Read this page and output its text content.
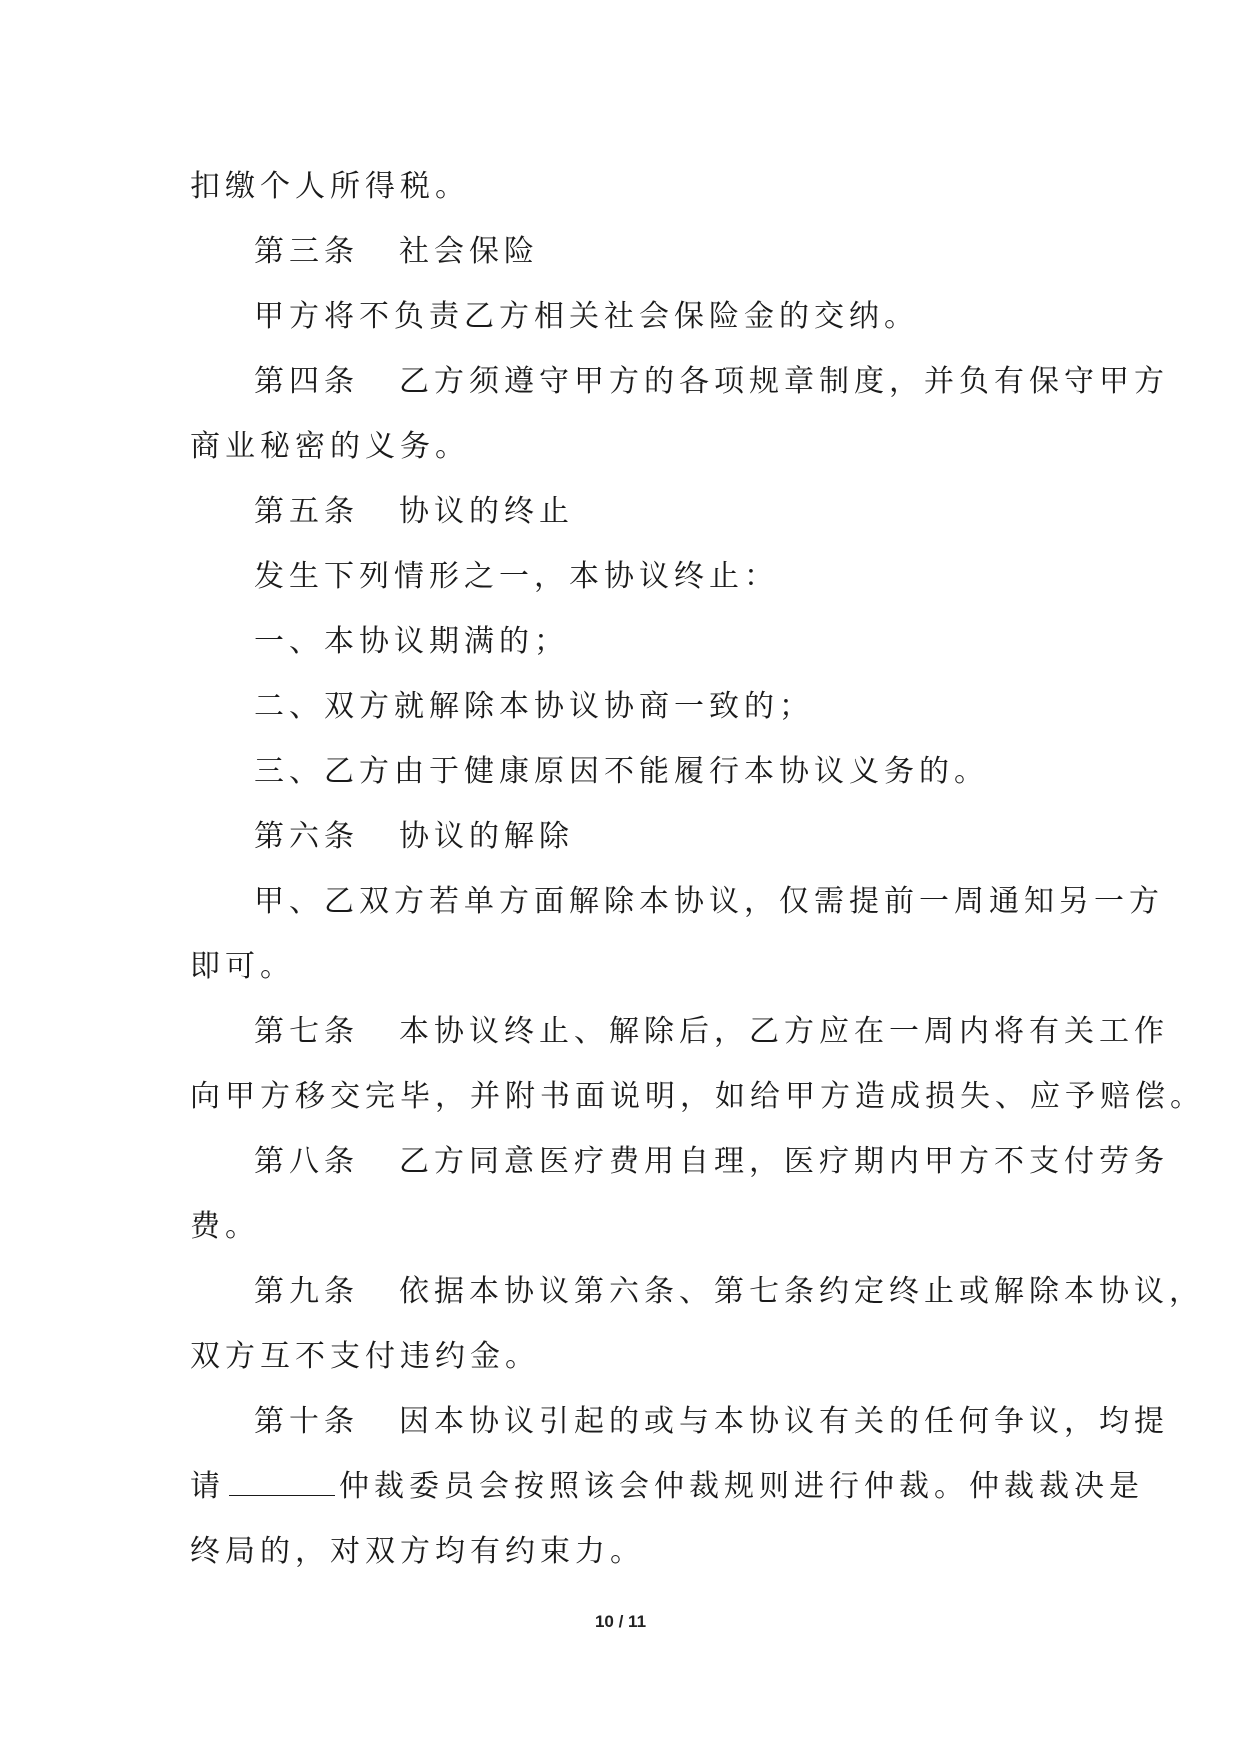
扣缴个人所得税。
第三条 社会保险
甲方将不负责乙方相关社会保险金的交纳。
第四条 乙方须遵守甲方的各项规章制度，并负有保守甲方
商业秘密的义务。
第五条 协议的终止
发生下列情形之一，本协议终止：
一、本协议期满的；
二、双方就解除本协议协商一致的；
三、乙方由于健康原因不能履行本协议义务的。
第六条 协议的解除
甲、乙双方若单方面解除本协议，仅需提前一周通知另一方
即可。
第七条 本协议终止、解除后，乙方应在一周内将有关工作
向甲方移交完毕，并附书面说明，如给甲方造成损失、应予赔偿。
第八条 乙方同意医疗费用自理，医疗期内甲方不支付劳务
费。
第九条 依据本协议第六条、第七条约定终止或解除本协议，
双方互不支付违约金。
第十条 因本协议引起的或与本协议有关的任何争议，均提
请	仲裁委员会按照该会仲裁规则进行仲裁。仲裁裁决是
终局的，对双方均有约束力。
10 / 11
